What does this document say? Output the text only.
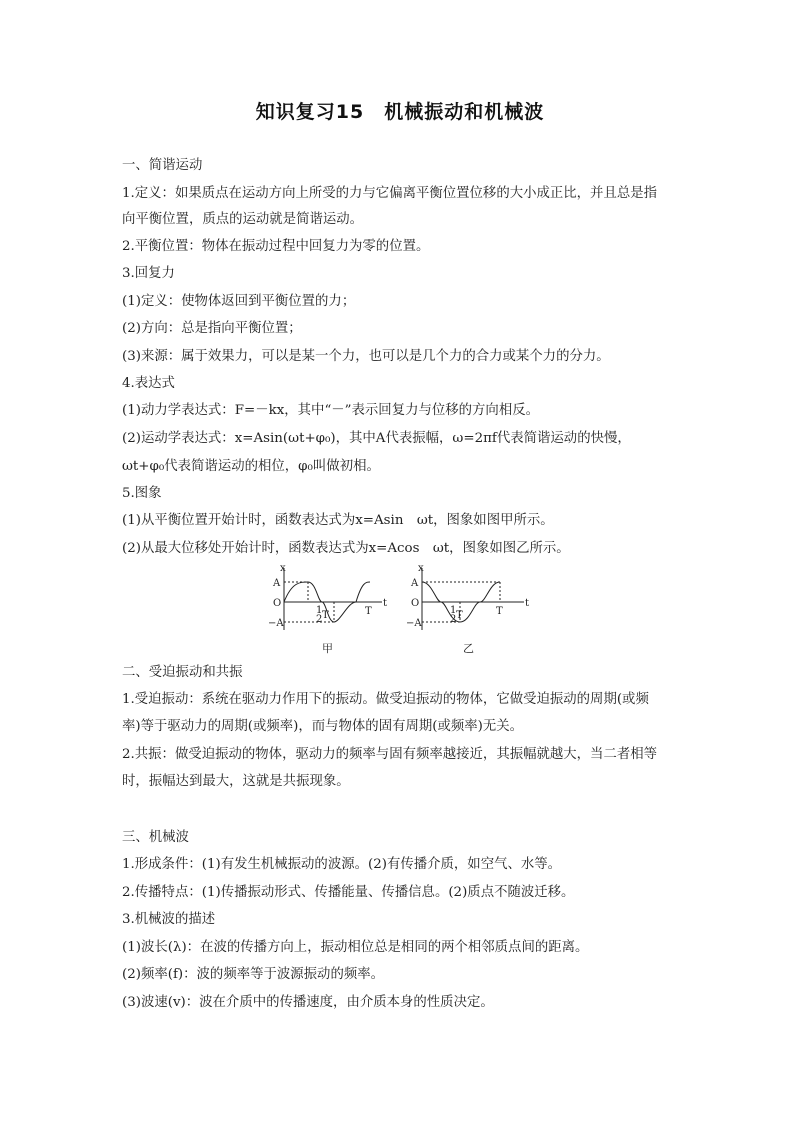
知识复习15　机械振动和机械波
一、简谐运动
1.定义：如果质点在运动方向上所受的力与它偏离平衡位置位移的大小成正比，并且总是指
向平衡位置，质点的运动就是简谐运动。
2.平衡位置：物体在振动过程中回复力为零的位置。
3.回复力
(1)定义：使物体返回到平衡位置的力；
(2)方向：总是指向平衡位置；
(3)来源：属于效果力，可以是某一个力，也可以是几个力的合力或某个力的分力。
4.表达式
(1)动力学表达式：F=－kx，其中“－”表示回复力与位移的方向相反。
(2)运动学表达式：x=Asin(ωt+φ₀)，其中A代表振幅，ω=2πf代表简谐运动的快慢，
ωt+φ₀代表简谐运动的相位，φ₀叫做初相。
5.图象
(1)从平衡位置开始计时，函数表达式为x=Asin　ωt，图象如图甲所示。
(2)从最大位移处开始计时，函数表达式为x=Acos　ωt，图象如图乙所示。
x
t
A
O
−A
1
2 T	T
甲
x
t
A
O
−A
1
2 T	T
乙
二、受迫振动和共振
1.受迫振动：系统在驱动力作用下的振动。做受迫振动的物体，它做受迫振动的周期(或频
率)等于驱动力的周期(或频率)，而与物体的固有周期(或频率)无关。
2.共振：做受迫振动的物体，驱动力的频率与固有频率越接近，其振幅就越大，当二者相等
时，振幅达到最大，这就是共振现象。
三、机械波
1.形成条件：(1)有发生机械振动的波源。(2)有传播介质，如空气、水等。
2.传播特点：(1)传播振动形式、传播能量、传播信息。(2)质点不随波迁移。
3.机械波的描述
(1)波长(λ)：在波的传播方向上，振动相位总是相同的两个相邻质点间的距离。
(2)频率(f)：波的频率等于波源振动的频率。
(3)波速(v)：波在介质中的传播速度，由介质本身的性质决定。
